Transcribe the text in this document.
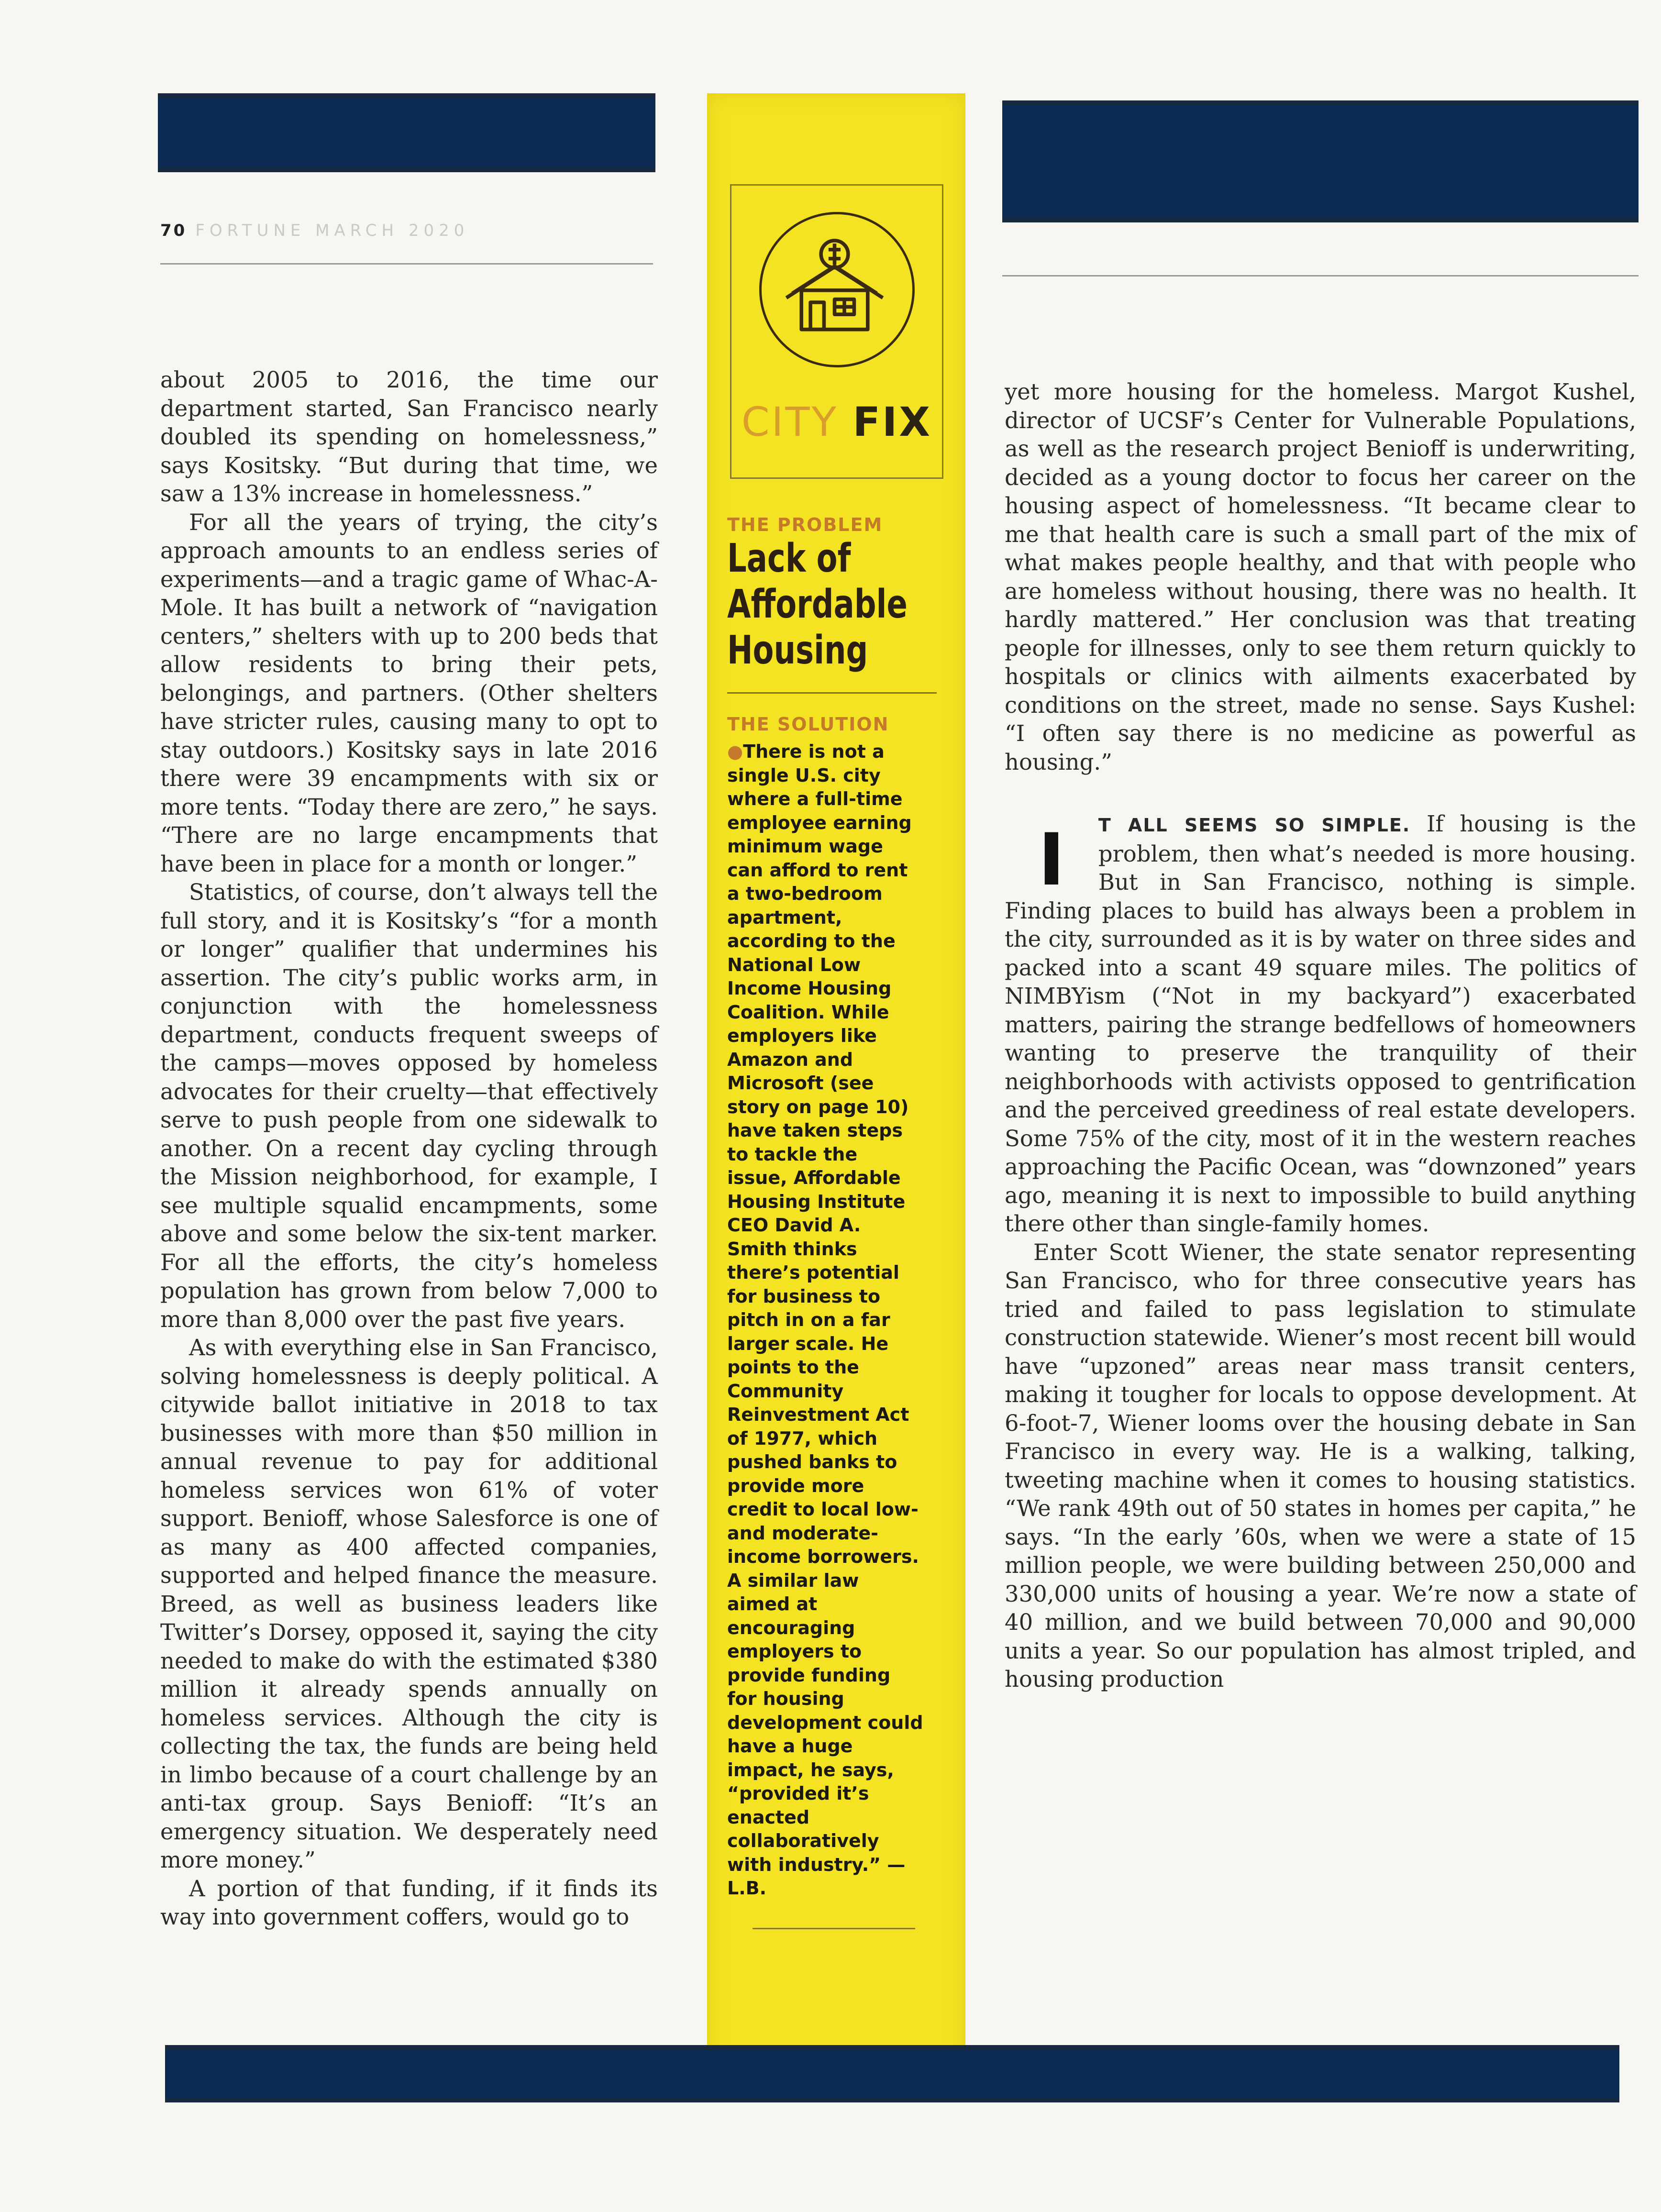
70 FORTUNE MARCH 2020

about 2005 to 2016, the time our department started, San Francisco nearly doubled its spending on homelessness,” says Kositsky. “But during that time, we saw a 13% increase in homelessness.”

For all the years of trying, the city’s approach amounts to an endless series of experiments—and a tragic game of Whac-A-Mole. It has built a network of “navigation centers,” shelters with up to 200 beds that allow residents to bring their pets, belongings, and partners. (Other shelters have stricter rules, causing many to opt to stay outdoors.) Kositsky says in late 2016 there were 39 encampments with six or more tents. “Today there are zero,” he says. “There are no large encampments that have been in place for a month or longer.”

Statistics, of course, don’t always tell the full story, and it is Kositsky’s “for a month or longer” qualifier that undermines his assertion. The city’s public works arm, in conjunction with the homelessness department, conducts frequent sweeps of the camps—moves opposed by homeless advocates for their cruelty—that effectively serve to push people from one sidewalk to another. On a recent day cycling through the Mission neighborhood, for example, I see multiple squalid encampments, some above and some below the six-tent marker. For all the efforts, the city’s homeless population has grown from below 7,000 to more than 8,000 over the past five years.

As with everything else in San Francisco, solving homelessness is deeply political. A citywide ballot initiative in 2018 to tax businesses with more than $50 million in annual revenue to pay for additional homeless services won 61% of voter support. Benioff, whose Salesforce is one of as many as 400 affected companies, supported and helped finance the measure. Breed, as well as business leaders like Twitter’s Dorsey, opposed it, saying the city needed to make do with the estimated $380 million it already spends annually on homeless services. Although the city is collecting the tax, the funds are being held in limbo because of a court challenge by an anti-tax group. Says Benioff: “It’s an emergency situation. We desperately need more money.”

A portion of that funding, if it finds its way into government coffers, would go to

CITY FIX
THE PROBLEM
Lack of Affordable Housing
THE SOLUTION

●There is not a single U.S. city where a full-time employee earning minimum wage can afford to rent a two-bedroom apartment, according to the National Low Income Housing Coalition. While employers like Amazon and Microsoft (see story on page 10) have taken steps to tackle the issue, Affordable Housing Institute CEO David A. Smith thinks there’s potential for business to pitch in on a far larger scale. He points to the Community Reinvestment Act of 1977, which pushed banks to provide more credit to local low- and moderate-income borrowers. A similar law aimed at encouraging employers to provide funding for housing development could have a huge impact, he says, “provided it’s enacted collaboratively with industry.” —L.B.

yet more housing for the homeless. Margot Kushel, director of UCSF’s Center for Vulnerable Populations, as well as the research project Benioff is underwriting, decided as a young doctor to focus her career on the housing aspect of homelessness. “It became clear to me that health care is such a small part of the mix of what makes people healthy, and that with people who are homeless without housing, there was no health. It hardly mattered.” Her conclusion was that treating people for illnesses, only to see them return quickly to hospitals or clinics with ailments exacerbated by conditions on the street, made no sense. Says Kushel: “I often say there is no medicine as powerful as housing.”

I	T ALL SEEMS SO SIMPLE. If housing is the problem, then what’s needed is more housing. But in San Francisco, nothing is simple. Finding places to build has always been a problem in the city, surrounded as it is by water on three sides and packed into a scant 49 square miles. The politics of NIMBYism (“Not in my backyard”) exacerbated matters, pairing the strange bedfellows of homeowners wanting to preserve the tranquility of their neighborhoods with activists opposed to gentrification and the perceived greediness of real estate developers. Some 75% of the city, most of it in the western reaches approaching the Pacific Ocean, was “downzoned” years ago, meaning it is next to impossible to build anything there other than single-family homes.

Enter Scott Wiener, the state senator representing San Francisco, who for three consecutive years has tried and failed to pass legislation to stimulate construction statewide. Wiener’s most recent bill would have “upzoned” areas near mass transit centers, making it tougher for locals to oppose development. At 6-foot-7, Wiener looms over the housing debate in San Francisco in every way. He is a walking, talking, tweeting machine when it comes to housing statistics. “We rank 49th out of 50 states in homes per capita,” he says. “In the early ’60s, when we were a state of 15 million people, we were building between 250,000 and 330,000 units of housing a year. We’re now a state of 40 million, and we build between 70,000 and 90,000 units a year. So our population has almost tripled, and housing production
